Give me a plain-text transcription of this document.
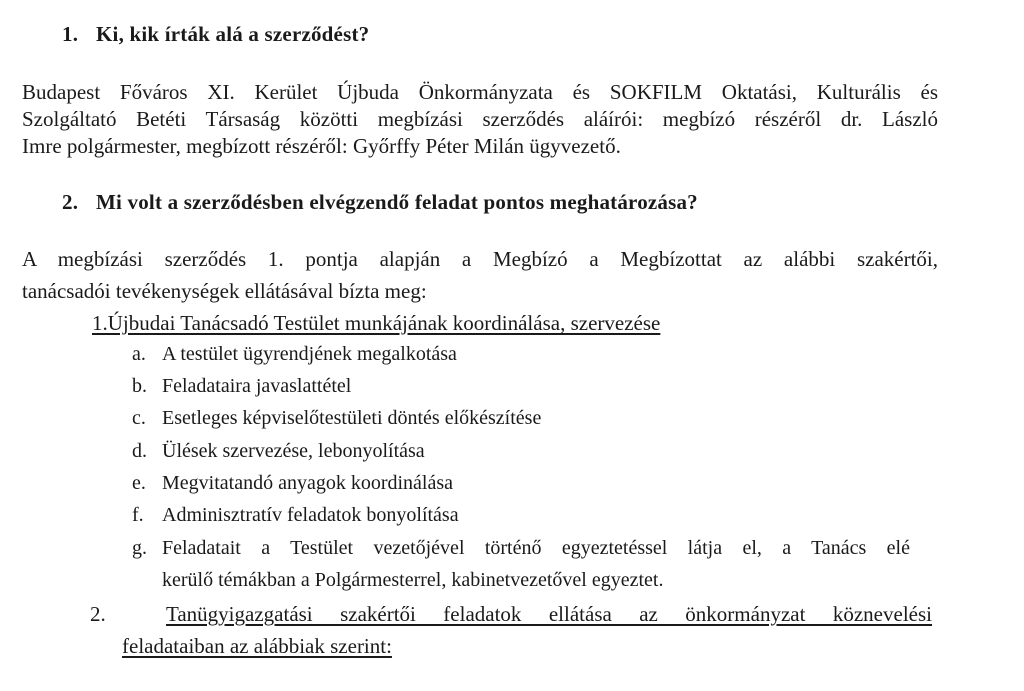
1. Ki, kik írták alá a szerződést?
Budapest Főváros XI. Kerület Újbuda Önkormányzata és SOKFILM Oktatási, Kulturális és
Szolgáltató Betéti Társaság közötti megbízási szerződés aláírói: megbízó részéről dr. László
Imre polgármester, megbízott részéről: Győrffy Péter Milán ügyvezető.
2. Mi volt a szerződésben elvégzendő feladat pontos meghatározása?
A megbízási szerződés 1. pontja alapján a Megbízó a Megbízottat az alábbi szakértői,
tanácsadói tevékenységek ellátásával bízta meg:
1.Újbudai Tanácsadó Testület munkájának koordinálása, szervezése
a. A testület ügyrendjének megalkotása
b. Feladataira javaslattétel
c. Esetleges képviselőtestületi döntés előkészítése
d. Ülések szervezése, lebonyolítása
e. Megvitatandó anyagok koordinálása
f. Adminisztratív feladatok bonyolítása
g. Feladatait a Testület vezetőjével történő egyeztetéssel látja el, a Tanács elé
kerülő témákban a Polgármesterrel, kabinetvezetővel egyeztet.
2.	Tanügyigazgatási szakértői feladatok ellátása az önkormányzat köznevelési
feladataiban az alábbiak szerint:
